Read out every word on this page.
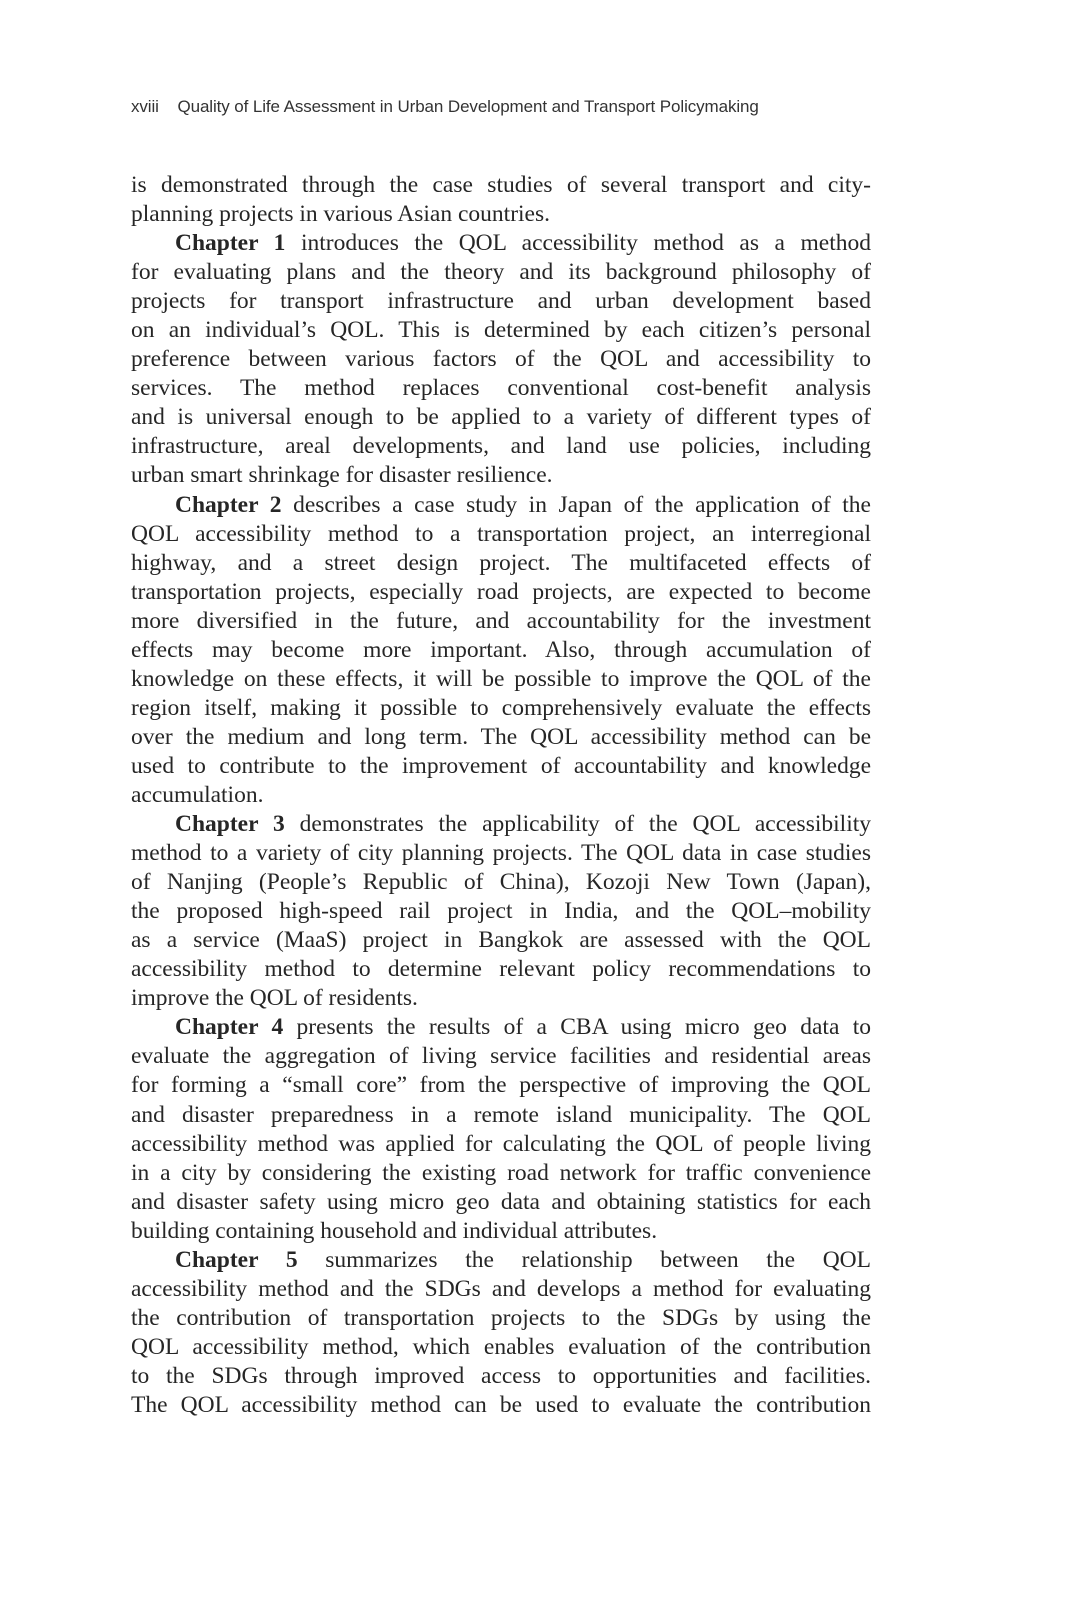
xviii Quality of Life Assessment in Urban Development and Transport Policymaking
is demonstrated through the case studies of several transport and city-
planning projects in various Asian countries.
Chapter 1 introduces the QOL accessibility method as a method
for evaluating plans and the theory and its background philosophy of
projects for transport infrastructure and urban development based
on an individual’s QOL. This is determined by each citizen’s personal
preference between various factors of the QOL and accessibility to
services. The method replaces conventional cost-benefit analysis
and is universal enough to be applied to a variety of different types of
infrastructure, areal developments, and land use policies, including
urban smart shrinkage for disaster resilience.
Chapter 2 describes a case study in Japan of the application of the
QOL accessibility method to a transportation project, an interregional
highway, and a street design project. The multifaceted effects of
transportation projects, especially road projects, are expected to become
more diversified in the future, and accountability for the investment
effects may become more important. Also, through accumulation of
knowledge on these effects, it will be possible to improve the QOL of the
region itself, making it possible to comprehensively evaluate the effects
over the medium and long term. The QOL accessibility method can be
used to contribute to the improvement of accountability and knowledge
accumulation.
Chapter 3 demonstrates the applicability of the QOL accessibility
method to a variety of city planning projects. The QOL data in case studies
of Nanjing (People’s Republic of China), Kozoji New Town (Japan),
the proposed high-speed rail project in India, and the QOL–mobility
as a service (MaaS) project in Bangkok are assessed with the QOL
accessibility method to determine relevant policy recommendations to
improve the QOL of residents.
Chapter 4 presents the results of a CBA using micro geo data to
evaluate the aggregation of living service facilities and residential areas
for forming a “small core” from the perspective of improving the QOL
and disaster preparedness in a remote island municipality. The QOL
accessibility method was applied for calculating the QOL of people living
in a city by considering the existing road network for traffic convenience
and disaster safety using micro geo data and obtaining statistics for each
building containing household and individual attributes.
Chapter 5 summarizes the relationship between the QOL
accessibility method and the SDGs and develops a method for evaluating
the contribution of transportation projects to the SDGs by using the
QOL accessibility method, which enables evaluation of the contribution
to the SDGs through improved access to opportunities and facilities.
The QOL accessibility method can be used to evaluate the contribution
